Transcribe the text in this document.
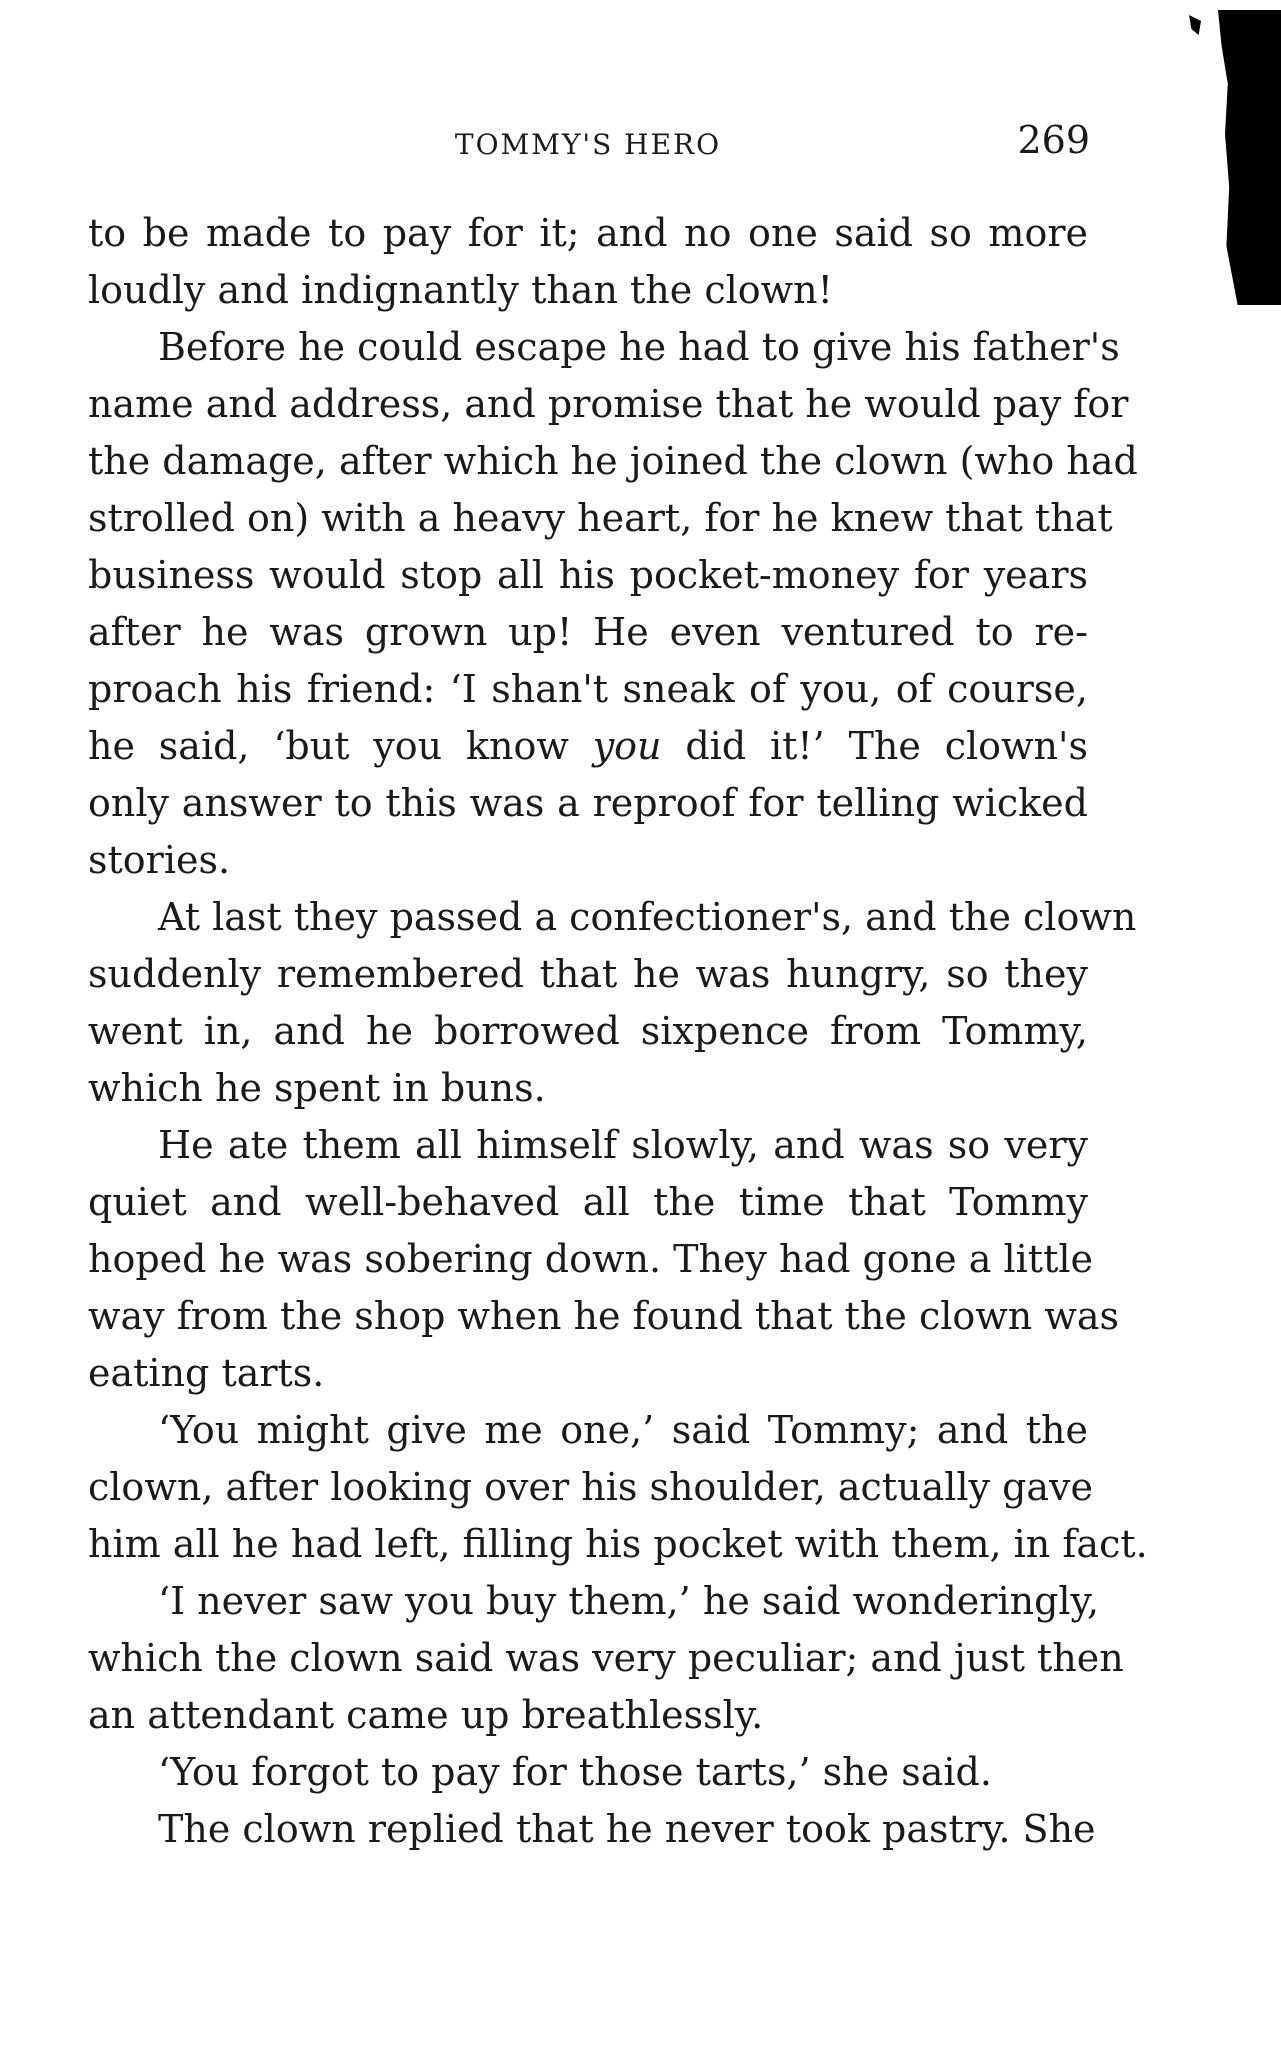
TOMMY'S HERO	269
to be made to pay for it; and no one said so more
loudly and indignantly than the clown!
Before he could escape he had to give his father's
name and address, and promise that he would pay for
the damage, after which he joined the clown (who had
strolled on) with a heavy heart, for he knew that that
business would stop all his pocket-money for years
after he was grown up! He even ventured to re-
proach his friend: ‘I shan't sneak of you, of course,
he said, ‘but you know you did it!’ The clown's
only answer to this was a reproof for telling wicked
stories.
At last they passed a confectioner's, and the clown
suddenly remembered that he was hungry, so they
went in, and he borrowed sixpence from Tommy,
which he spent in buns.
He ate them all himself slowly, and was so very
quiet and well-behaved all the time that Tommy
hoped he was sobering down. They had gone a little
way from the shop when he found that the clown was
eating tarts.
‘You might give me one,’ said Tommy; and the
clown, after looking over his shoulder, actually gave
him all he had left, filling his pocket with them, in fact.
‘I never saw you buy them,’ he said wonderingly,
which the clown said was very peculiar; and just then
an attendant came up breathlessly.
‘You forgot to pay for those tarts,’ she said.
The clown replied that he never took pastry. She
